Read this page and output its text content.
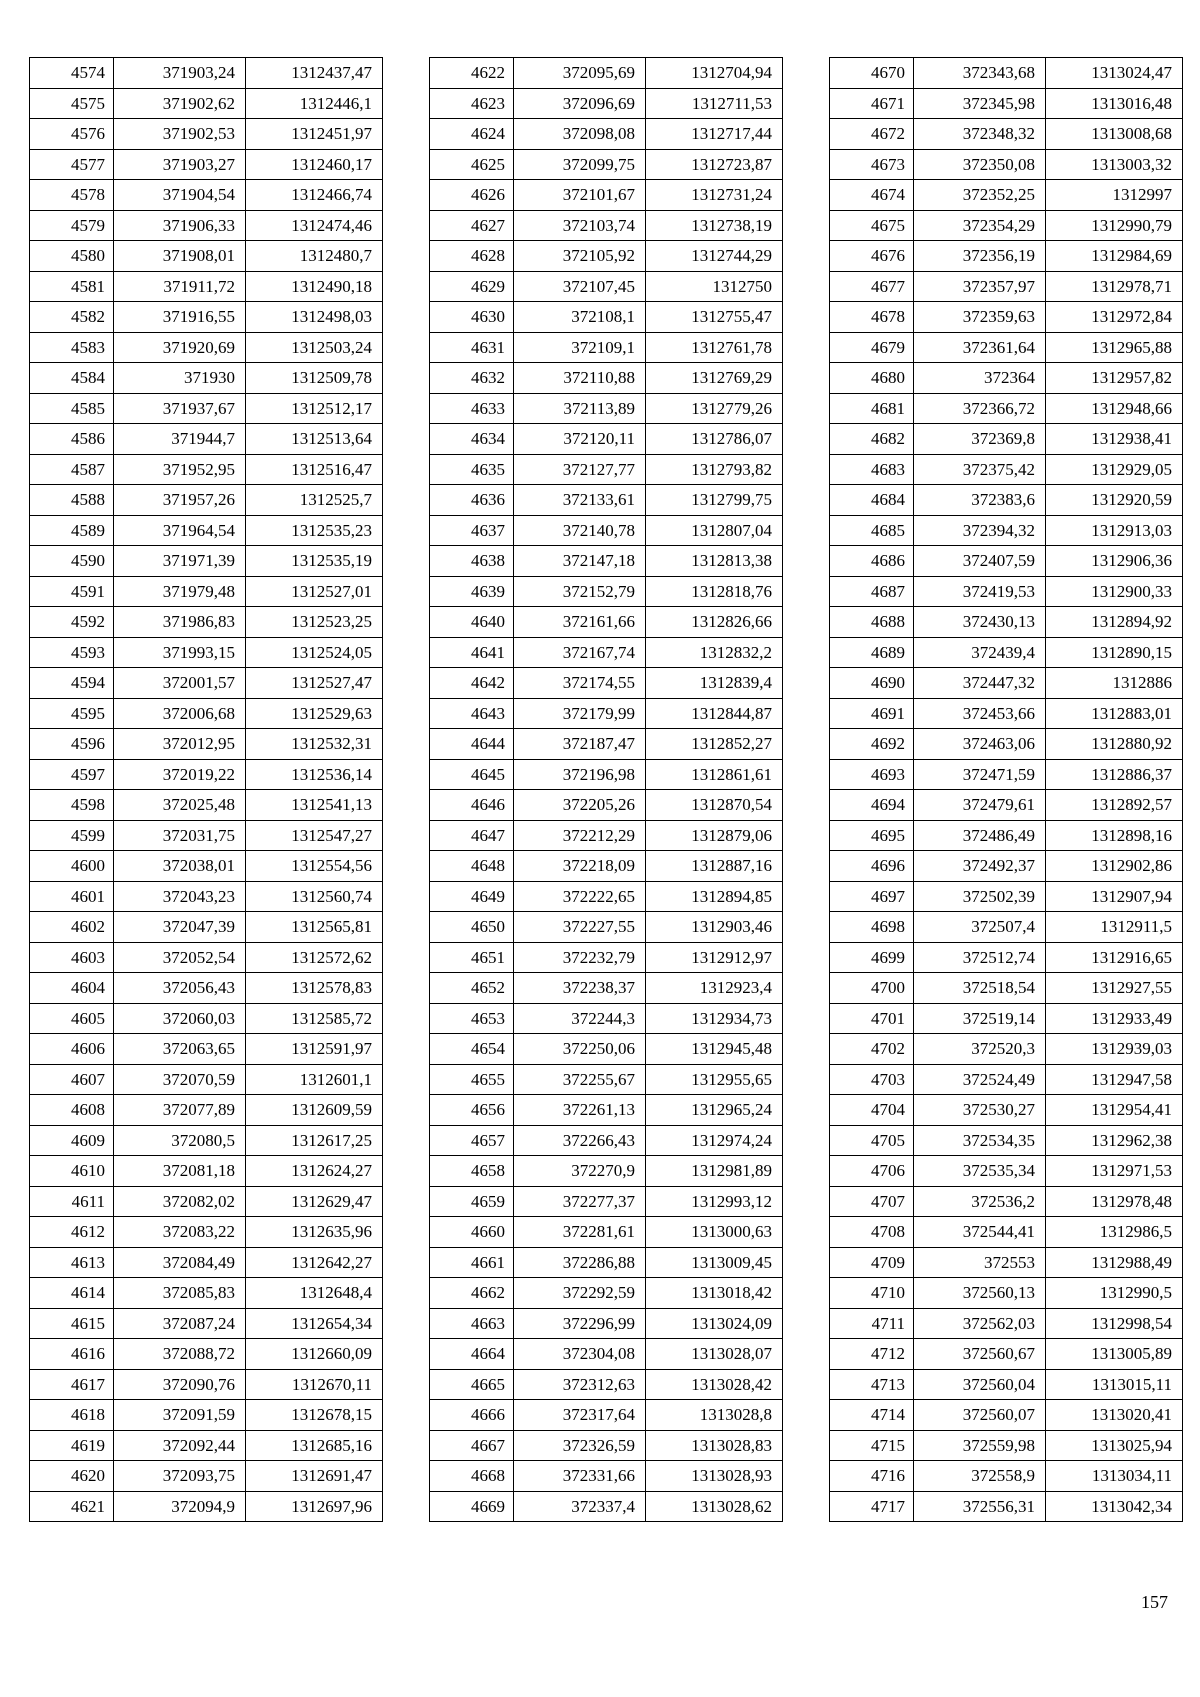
4574	371903,24	1312437,47
4575	371902,62	1312446,1
4576	371902,53	1312451,97
4577	371903,27	1312460,17
4578	371904,54	1312466,74
4579	371906,33	1312474,46
4580	371908,01	1312480,7
4581	371911,72	1312490,18
4582	371916,55	1312498,03
4583	371920,69	1312503,24
4584	371930	1312509,78
4585	371937,67	1312512,17
4586	371944,7	1312513,64
4587	371952,95	1312516,47
4588	371957,26	1312525,7
4589	371964,54	1312535,23
4590	371971,39	1312535,19
4591	371979,48	1312527,01
4592	371986,83	1312523,25
4593	371993,15	1312524,05
4594	372001,57	1312527,47
4595	372006,68	1312529,63
4596	372012,95	1312532,31
4597	372019,22	1312536,14
4598	372025,48	1312541,13
4599	372031,75	1312547,27
4600	372038,01	1312554,56
4601	372043,23	1312560,74
4602	372047,39	1312565,81
4603	372052,54	1312572,62
4604	372056,43	1312578,83
4605	372060,03	1312585,72
4606	372063,65	1312591,97
4607	372070,59	1312601,1
4608	372077,89	1312609,59
4609	372080,5	1312617,25
4610	372081,18	1312624,27
4611	372082,02	1312629,47
4612	372083,22	1312635,96
4613	372084,49	1312642,27
4614	372085,83	1312648,4
4615	372087,24	1312654,34
4616	372088,72	1312660,09
4617	372090,76	1312670,11
4618	372091,59	1312678,15
4619	372092,44	1312685,16
4620	372093,75	1312691,47
4621	372094,9	1312697,96
4622	372095,69	1312704,94
4623	372096,69	1312711,53
4624	372098,08	1312717,44
4625	372099,75	1312723,87
4626	372101,67	1312731,24
4627	372103,74	1312738,19
4628	372105,92	1312744,29
4629	372107,45	1312750
4630	372108,1	1312755,47
4631	372109,1	1312761,78
4632	372110,88	1312769,29
4633	372113,89	1312779,26
4634	372120,11	1312786,07
4635	372127,77	1312793,82
4636	372133,61	1312799,75
4637	372140,78	1312807,04
4638	372147,18	1312813,38
4639	372152,79	1312818,76
4640	372161,66	1312826,66
4641	372167,74	1312832,2
4642	372174,55	1312839,4
4643	372179,99	1312844,87
4644	372187,47	1312852,27
4645	372196,98	1312861,61
4646	372205,26	1312870,54
4647	372212,29	1312879,06
4648	372218,09	1312887,16
4649	372222,65	1312894,85
4650	372227,55	1312903,46
4651	372232,79	1312912,97
4652	372238,37	1312923,4
4653	372244,3	1312934,73
4654	372250,06	1312945,48
4655	372255,67	1312955,65
4656	372261,13	1312965,24
4657	372266,43	1312974,24
4658	372270,9	1312981,89
4659	372277,37	1312993,12
4660	372281,61	1313000,63
4661	372286,88	1313009,45
4662	372292,59	1313018,42
4663	372296,99	1313024,09
4664	372304,08	1313028,07
4665	372312,63	1313028,42
4666	372317,64	1313028,8
4667	372326,59	1313028,83
4668	372331,66	1313028,93
4669	372337,4	1313028,62
4670	372343,68	1313024,47
4671	372345,98	1313016,48
4672	372348,32	1313008,68
4673	372350,08	1313003,32
4674	372352,25	1312997
4675	372354,29	1312990,79
4676	372356,19	1312984,69
4677	372357,97	1312978,71
4678	372359,63	1312972,84
4679	372361,64	1312965,88
4680	372364	1312957,82
4681	372366,72	1312948,66
4682	372369,8	1312938,41
4683	372375,42	1312929,05
4684	372383,6	1312920,59
4685	372394,32	1312913,03
4686	372407,59	1312906,36
4687	372419,53	1312900,33
4688	372430,13	1312894,92
4689	372439,4	1312890,15
4690	372447,32	1312886
4691	372453,66	1312883,01
4692	372463,06	1312880,92
4693	372471,59	1312886,37
4694	372479,61	1312892,57
4695	372486,49	1312898,16
4696	372492,37	1312902,86
4697	372502,39	1312907,94
4698	372507,4	1312911,5
4699	372512,74	1312916,65
4700	372518,54	1312927,55
4701	372519,14	1312933,49
4702	372520,3	1312939,03
4703	372524,49	1312947,58
4704	372530,27	1312954,41
4705	372534,35	1312962,38
4706	372535,34	1312971,53
4707	372536,2	1312978,48
4708	372544,41	1312986,5
4709	372553	1312988,49
4710	372560,13	1312990,5
4711	372562,03	1312998,54
4712	372560,67	1313005,89
4713	372560,04	1313015,11
4714	372560,07	1313020,41
4715	372559,98	1313025,94
4716	372558,9	1313034,11
4717	372556,31	1313042,34
157
